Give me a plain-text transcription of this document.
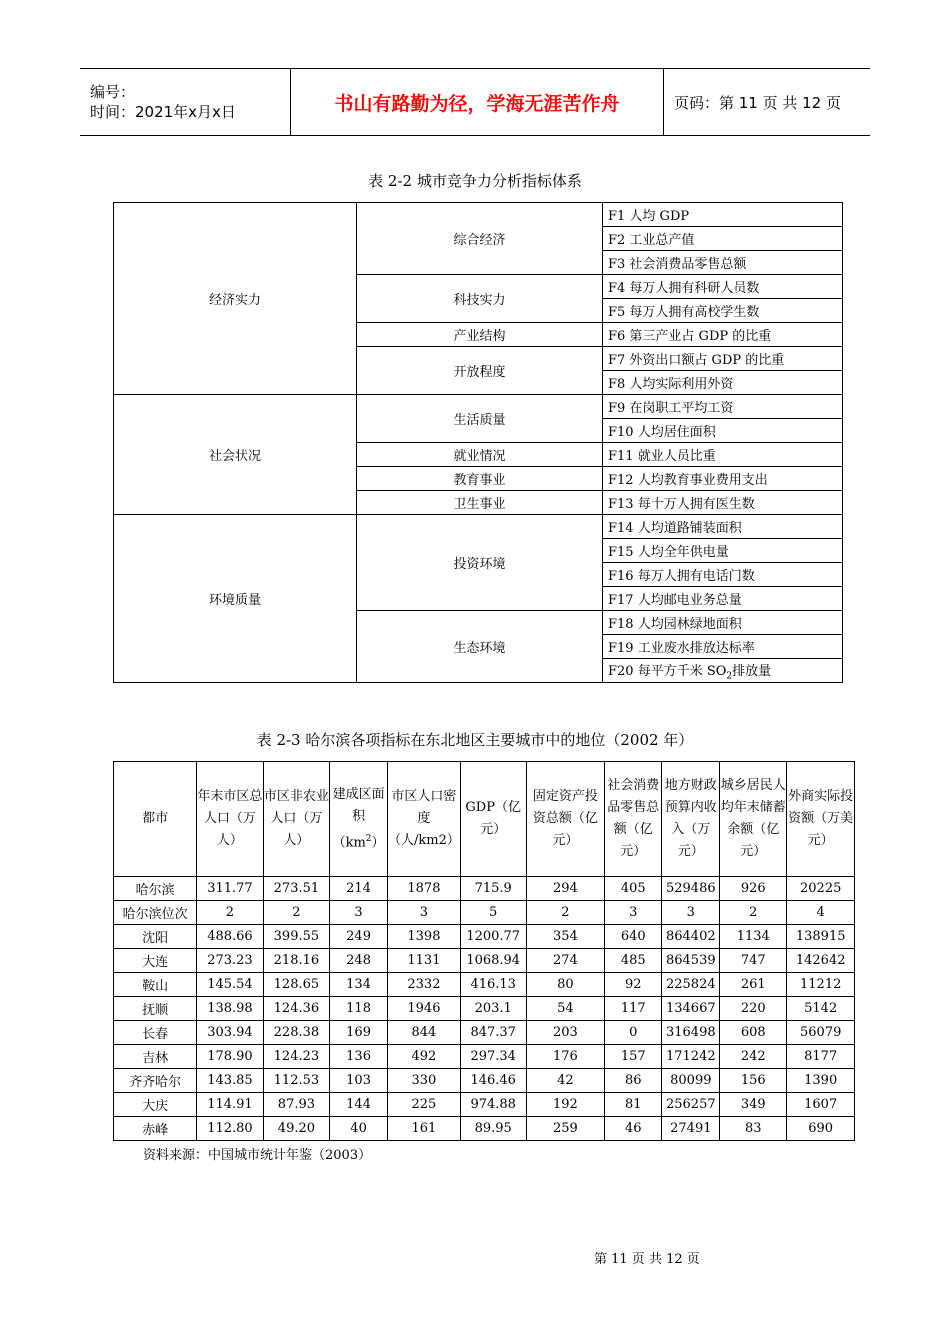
编号：
时间：2021年x月x日	书山有路勤为径，学海无涯苦作舟	页码：第 11 页 共 12 页
表 2-2 城市竞争力分析指标体系
经济实力	综合经济	F1 人均 GDP
		F2 工业总产值
		F3 社会消费品零售总额
	科技实力	F4 每万人拥有科研人员数
		F5 每万人拥有高校学生数
	产业结构	F6 第三产业占 GDP 的比重
	开放程度	F7 外资出口额占 GDP 的比重
		F8 人均实际利用外资
社会状况	生活质量	F9 在岗职工平均工资
		F10 人均居住面积
	就业情况	F11 就业人员比重
	教育事业	F12 人均教育事业费用支出
	卫生事业	F13 每十万人拥有医生数
环境质量	投资环境	F14 人均道路铺装面积
		F15 人均全年供电量
		F16 每万人拥有电话门数
		F17 人均邮电业务总量
	生态环境	F18 人均园林绿地面积
		F19 工业废水排放达标率
		F20 每平方千米 $SO_2$排放量
表 2-3 哈尔滨各项指标在东北地区主要城市中的地位（2002 年）
都市	年末市区总人口（万人）	市区非农业人口（万人）	建成区面积$(km^2)$	市区人口密度（人/km2）	GDP（亿元）	固定资产投资总额（亿元）	社会消费品零售总额（亿元）	地方财政预算内收入（万元）	城乡居民人均年末储蓄余额（亿元）	外商实际投资额（万美元）
哈尔滨	311.77	273.51	214	1878	715.9	294	405	529486	926	20225
哈尔滨位次	2	2	3	3	5	2	3	3	2	4
沈阳	488.66	399.55	249	1398	1200.77	354	640	864402	1134	138915
大连	273.23	218.16	248	1131	1068.94	274	485	864539	747	142642
鞍山	145.54	128.65	134	2332	416.13	80	92	225824	261	11212
抚顺	138.98	124.36	118	1946	203.1	54	117	134667	220	5142
长春	303.94	228.38	169	844	847.37	203	0	316498	608	56079
吉林	178.90	124.23	136	492	297.34	176	157	171242	242	8177
齐齐哈尔	143.85	112.53	103	330	146.46	42	86	80099	156	1390
大庆	114.91	87.93	144	225	974.88	192	81	256257	349	1607
赤峰	112.80	49.20	40	161	89.95	259	46	27491	83	690
资料来源：中国城市统计年鉴（2003）
第 11 页 共 12 页
